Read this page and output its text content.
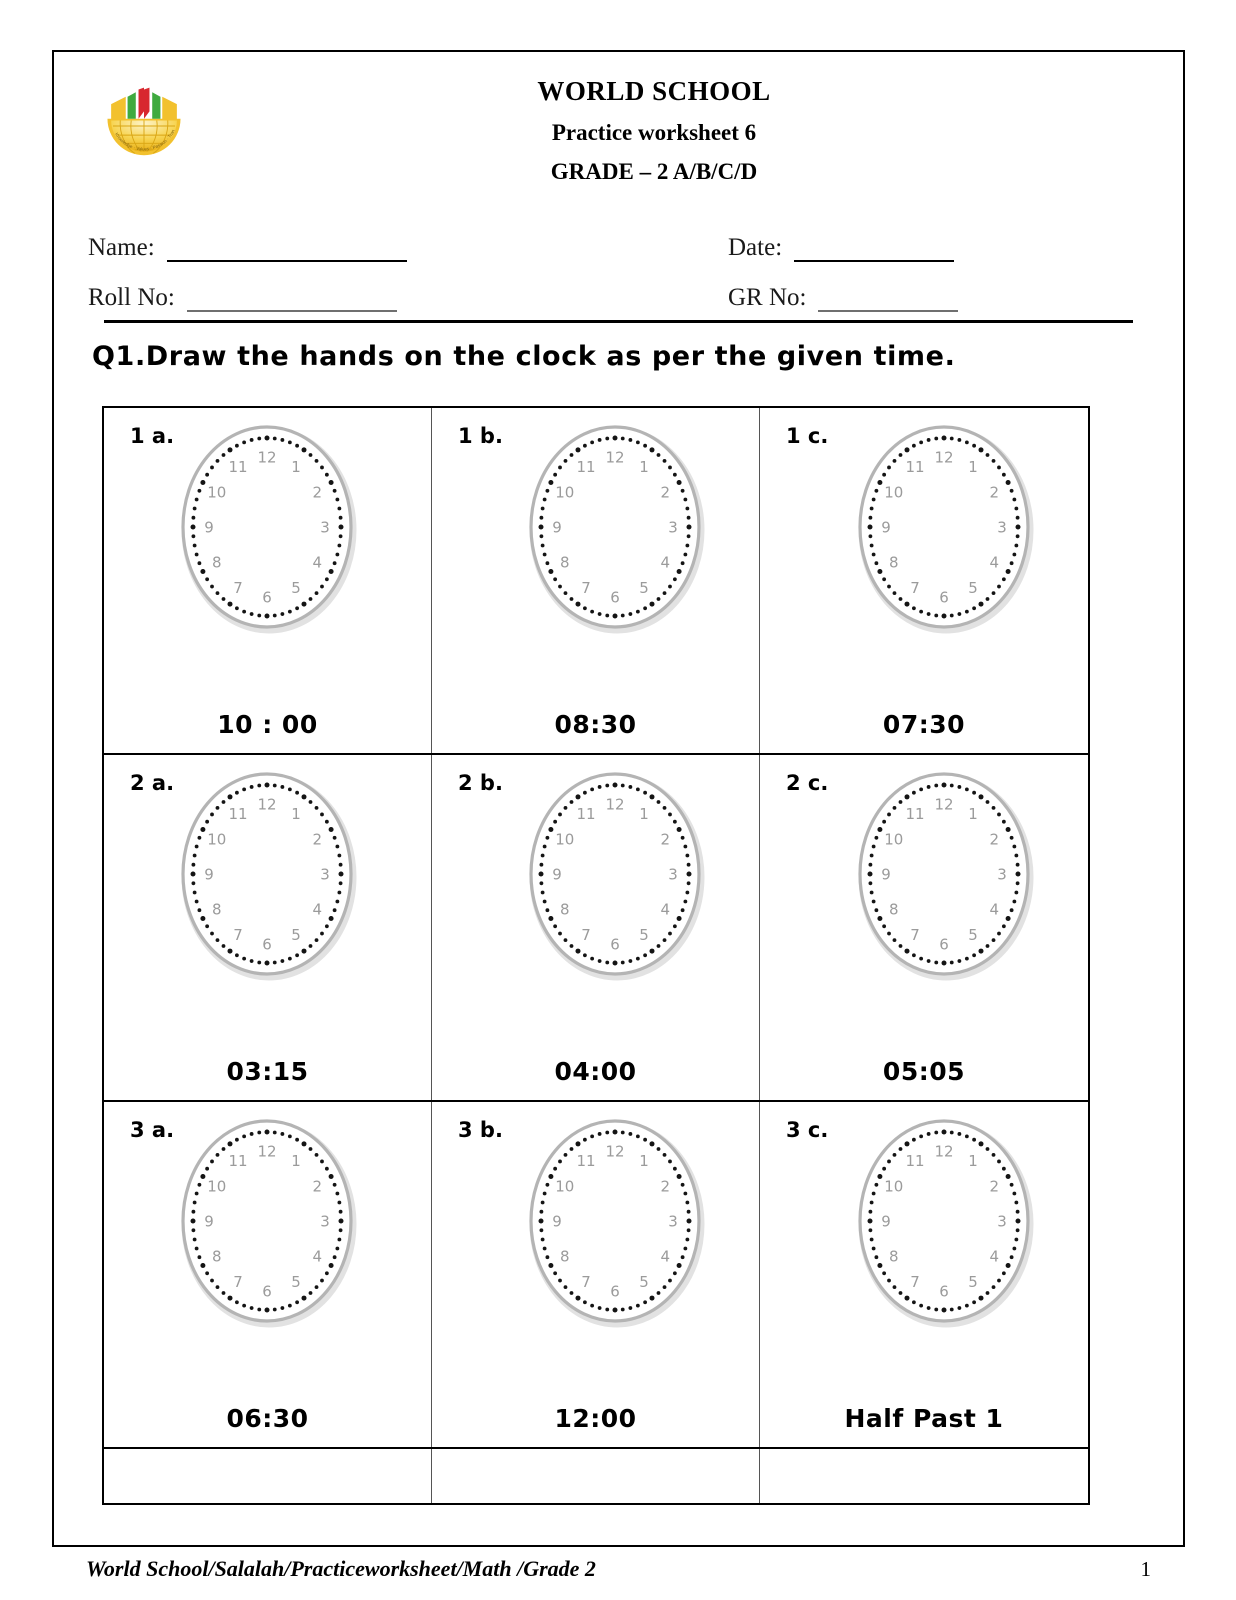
Knowledge · Values · Passion · Tran
WORLD SCHOOL
Practice worksheet 6
GRADE – 2 A/B/C/D
Name:	Date:
Roll No:	GR No:
Q1.Draw the hands on the clock as per the given time.
1 a.
12
1
2
3
4
5
6
7
8
9
10
11
10 : 00
1 b.
12
1
2
3
4
5
6
7
8
9
10
11
08:30
1 c.
12
1
2
3
4
5
6
7
8
9
10
11
07:30
2 a.
12
1
2
3
4
5
6
7
8
9
10
11
03:15
2 b.
12
1
2
3
4
5
6
7
8
9
10
11
04:00
2 c.
12
1
2
3
4
5
6
7
8
9
10
11
05:05
3 a.
12
1
2
3
4
5
6
7
8
9
10
11
06:30
3 b.
12
1
2
3
4
5
6
7
8
9
10
11
12:00
3 c.
12
1
2
3
4
5
6
7
8
9
10
11
Half Past 1
World School/Salalah/Practiceworksheet/Math /Grade 2	1
